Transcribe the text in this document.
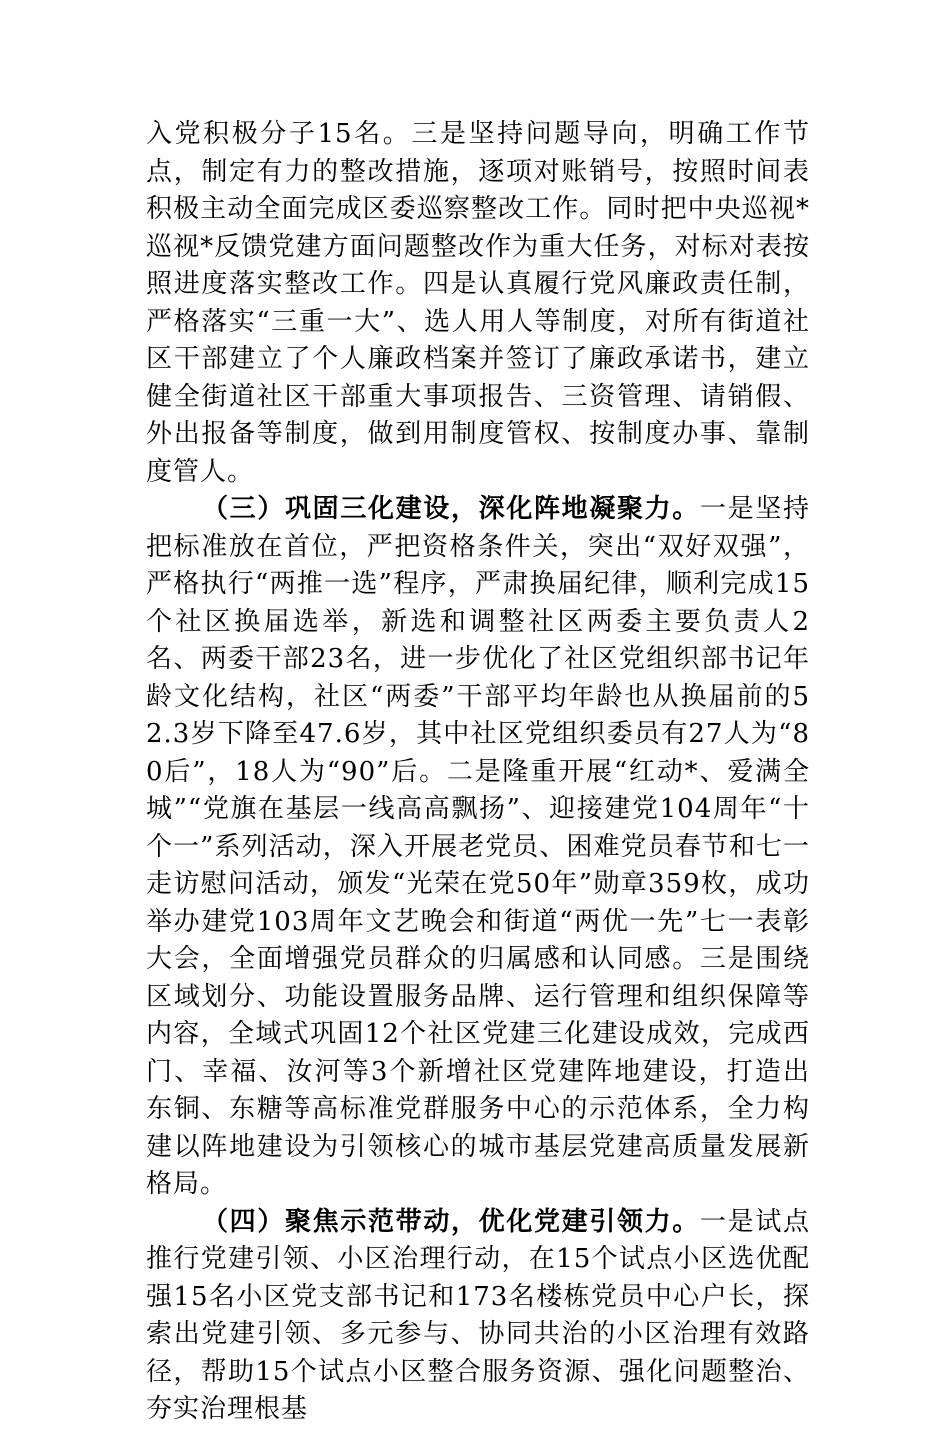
入党积极分子15名。三是坚持问题导向，明确工作节点，制定有力的整改措施，逐项对账销号，按照时间表积极主动全面完成区委巡察整改工作。同时把中央巡视*巡视*反馈党建方面问题整改作为重大任务，对标对表按照进度落实整改工作。四是认真履行党风廉政责任制，严格落实“三重一大”、选人用人等制度，对所有街道社区干部建立了个人廉政档案并签订了廉政承诺书，建立健全街道社区干部重大事项报告、三资管理、请销假、外出报备等制度，做到用制度管权、按制度办事、靠制度管人。

（三）巩固三化建设，深化阵地凝聚力。一是坚持把标准放在首位，严把资格条件关，突出“双好双强”，严格执行“两推一选”程序，严肃换届纪律，顺利完成15个社区换届选举，新选和调整社区两委主要负责人2名、两委干部23名，进一步优化了社区党组织部书记年龄文化结构，社区“两委”干部平均年龄也从换届前的52.3岁下降至47.6岁，其中社区党组织委员有27人为“80后”，18人为“90”后。二是隆重开展“红动*、爱满全城”“党旗在基层一线高高飘扬”、迎接建党104周年“十个一”系列活动，深入开展老党员、困难党员春节和七一走访慰问活动，颁发“光荣在党50年”勋章359枚，成功举办建党103周年文艺晚会和街道“两优一先”七一表彰大会，全面增强党员群众的归属感和认同感。三是围绕区域划分、功能设置服务品牌、运行管理和组织保障等内容，全域式巩固12个社区党建三化建设成效，完成西门、幸福、汝河等3个新增社区党建阵地建设，打造出东铜、东糖等高标准党群服务中心的示范体系，全力构建以阵地建设为引领核心的城市基层党建高质量发展新格局。

（四）聚焦示范带动，优化党建引领力。一是试点推行党建引领、小区治理行动，在15个试点小区选优配强15名小区党支部书记和173名楼栋党员中心户长，探索出党建引领、多元参与、协同共治的小区治理有效路径，帮助15个试点小区整合服务资源、强化问题整治、夯实治理根基
